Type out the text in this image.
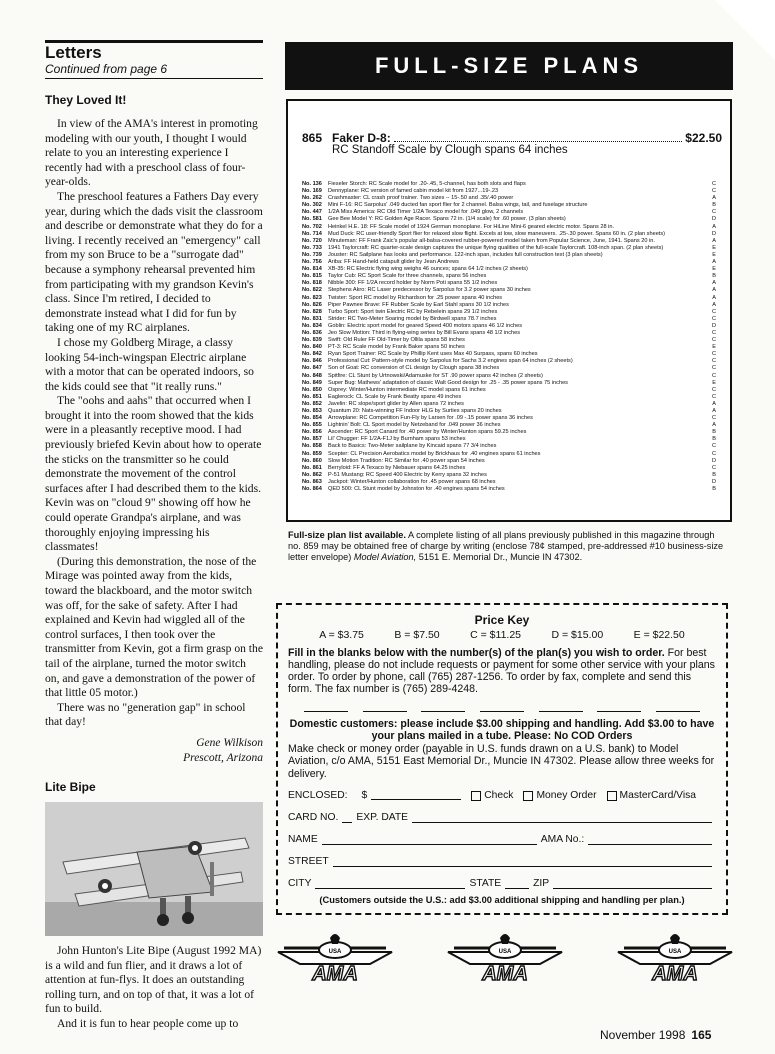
Letters
Continued from page 6
They Loved It!

In view of the AMA's interest in promoting modeling with our youth, I thought I would relate to you an interesting experience I recently had with a preschool class of four-year-olds.

The preschool features a Fathers Day every year, during which the dads visit the classroom and describe or demonstrate what they do for a living. I recently received an "emergency" call from my son Bruce to be a "surrogate dad" because a symphony rehearsal prevented him from participating with my grandson Kevin's class. Since I'm retired, I decided to demonstrate instead what I did for fun by taking one of my RC airplanes.

I chose my Goldberg Mirage, a classy looking 54-inch-wingspan Electric airplane with a motor that can be operated indoors, so the kids could see that "it really runs."

The "oohs and aahs" that occurred when I brought it into the room showed that the kids were in a pleasantly receptive mood. I had previously briefed Kevin about how to operate the sticks on the transmitter so he could demonstrate the movement of the control surfaces after I had described them to the kids. Kevin was on "cloud 9" showing off how he could operate Grandpa's airplane, and was thoroughly enjoying impressing his classmates!

(During this demonstration, the nose of the Mirage was pointed away from the kids, toward the blackboard, and the motor switch was off, for the sake of safety. After I had explained and Kevin had wiggled all of the control surfaces, I then took over the transmitter from Kevin, got a firm grasp on the tail of the airplane, turned the motor switch on, and gave a demonstration of the power of that little 05 motor.)

There was no "generation gap" in school that day!

Gene Wilkison
Prescott, Arizona
Lite Bipe

John Hunton's Lite Bipe (August 1992 MA) is a wild and fun flier, and it draws a lot of attention at fun-flys. It does an outstanding rolling turn, and on top of that, it was a lot of fun to build.

And it is fun to hear people come up to

FULL-SIZE PLANS
865 Faker D-8:	$22.50
RC Standoff Scale by Clough spans 64 inches
No. 136	Fieseler Storch: RC Scale model for .20-.45, 5-channel, has both slots and flaps	C
No. 169	Dennyplane: RC version of famed cabin model kit from 1927...19-.23	C
No. 262	Crashmaster: CL crash proof trainer. Two sizes -- 15-.50 and .35/.40 power	A
No. 302	Mini F-16: RC Sarpolus' .049 ducted fan sport flier for 2 channel. Balsa wings, tail, and fuselage structure	B
No. 447	1/2A Miss America: RC Old Timer 1/2A Texaco model for .049 glow, 2 channels	C
No. 581	Gee Bee Model Y: RC Golden Age Racer. Spans 72 in. (1/4 scale) for .60 power. (3 plan sheets)	D
No. 702	Heinkel H.E. 18: FF Scale model of 1924 German monoplane. For HiLine Mini-6 geared electric motor. Spans 28 in.	A
No. 714	Mud Duck: RC user-friendly Sport flier for relaxed slow flight. Excels at low, slow maneuvers. .25-.30 power. Spans 60 in. (2 plan sheets)	D
No. 720	Minuteman: FF Frank Zaic's popular all-balsa-covered rubber-powered model taken from Popular Science, June, 1941. Spans 20 in.	A
No. 733	1941 Taylorcraft: RC quarter-scale design captures the unique flying qualities of the full-scale Taylorcraft. 108-inch span. (2 plan sheets)	E
No. 739	Jouster: RC Sailplane has looks and performance. 122-inch span, includes full construction text (3 plan sheets)	E
No. 756	Ariba: FF Hand-held catapult glider by Jean Andrews	A
No. 814	XB-35: RC Electric flying wing weighs 46 ounces; spans 64 1/2 inches (2 sheets)	E
No. 815	Taylor Cub: RC Sport Scale for three channels, spans 56 inches	B
No. 818	Nibble 300: FF 1/2A record holder by Norm Poti spans 55 1/2 inches	A
No. 822	Stephens Akro: RC Laser predecessor by Sarpolus for 3.2 power spans 30 inches	A
No. 823	Twister: Sport RC model by Richardson for .25 power spans 40 inches	A
No. 826	Piper Pawnee Brave: FF Rubber Scale by Earl Stahl spans 30 1/2 inches	A
No. 828	Turbo Sport: Sport twin Electric RC by Rebelein spans 29 1/2 inches	C
No. 831	Strider: RC Two-Meter Soaring model by Birdwell spans 78.7 inches	C
No. 834	Goblin: Electric sport model for geared Speed 400 motors spans 46 1/2 inches	D
No. 836	Jeo Slow Motion: Third in flying-wing series by Bill Evans spans 48 1/2 inches	C
No. 839	Swift: Old Ruler FF Old-Timer by Ollila spans 58 inches	C
No. 840	PT-3: RC Scale model by Frank Baker spans 50 inches	E
No. 842	Ryan Sport Trainer: RC Scale by Phillip Kent uses Max 40 Surpass, spans 60 inches	C
No. 846	Professional Cut: Pattern-style model by Sarpolus for Sachs 3.2 engines span 64 inches (2 sheets)	C
No. 847	Son of Goat: RC conversion of CL design by Clough spans 38 inches	C
No. 848	Spitfire: CL Stunt by Urtnowski/Adamuske for ST .90 power spans 42 inches (2 sheets)	C
No. 849	Super Bug: Mathews' adaptation of classic Walt Good design for .25 - .35 power spans 75 inches	E
No. 850	Osprey: Winter/Hunton intermediate RC model spans 61 inches	C
No. 851	Eaglerock: CL Scale by Frank Beatty spans 49 inches	C
No. 852	Javelin: RC slope/sport glider by Allen spans 72 inches	A
No. 853	Quantum 20: Nats-winning FF Indoor HLG by Surties spans 20 inches	A
No. 854	Arrowplane: RC Competition Fun-Fly by Larsen for .09 -.15 power spans 36 inches	C
No. 855	Lightnin' Bolt: CL Sport model by Netzeband for .049 power 36 inches	A
No. 856	Ascender: RC Sport Canard for .40 power by Winter/Hunton spans 59.25 inches	B
No. 857	Lil' Chugger: FF 1/2A-F1J by Burnham spans 53 inches	B
No. 858	Back to Basics: Two-Meter sailplane by Kincaid spans 77 3/4 inches	C
No. 859	Scepter: CL Precision Aerobatics model by Brickhaus for .40 engines spans 61 inches	C
No. 860	Slow Motion Tradition: RC Similar for .40 power span 54 inches	D
No. 861	Berryloid: FF A Texaco by Niebauer spans 64.25 inches	C
No. 862	P-51 Mustang: RC Speed 400 Electric by Kerry spans 32 inches	B
No. 863	Jackpot: Winter/Hunton collaboration for .45 power spans 68 inches	D
No. 864	QED 500: CL Stunt model by Johnston for .40 engines spans 54 inches	B
Full-size plan list available. A complete listing of all plans previously published in this magazine through no. 859 may be obtained free of charge by writing (enclose 78¢ stamped, pre-addressed #10 business-size letter envelope) Model Aviation, 5151 E. Memorial Dr., Muncie IN 47302.
Price Key
A = $3.75	B = $7.50	C = $11.25	D = $15.00	E = $22.50
Fill in the blanks below with the number(s) of the plan(s) you wish to order. For best handling, please do not include requests or payment for some other service with your plans order. To order by phone, call (765) 287-1256. To order by fax, complete and send this form. The fax number is (765) 289-4248.
Domestic customers: please include $3.00 shipping and handling. Add $3.00 to have your plans mailed in a tube. Please: No COD Orders
Make check or money order (payable in U.S. funds drawn on a U.S. bank) to Model Aviation, c/o AMA, 5151 East Memorial Dr., Muncie IN 47302. Please allow three weeks for delivery.
ENCLOSED: $	Check Money Order MasterCard/Visa
CARD NO. EXP. DATE
NAME	AMA No.:
STREET
CITY	STATE	ZIP
(Customers outside the U.S.: add $3.00 additional shipping and handling per plan.)
USA
AMA
USA
AMA
USA
AMA
November 1998 165
